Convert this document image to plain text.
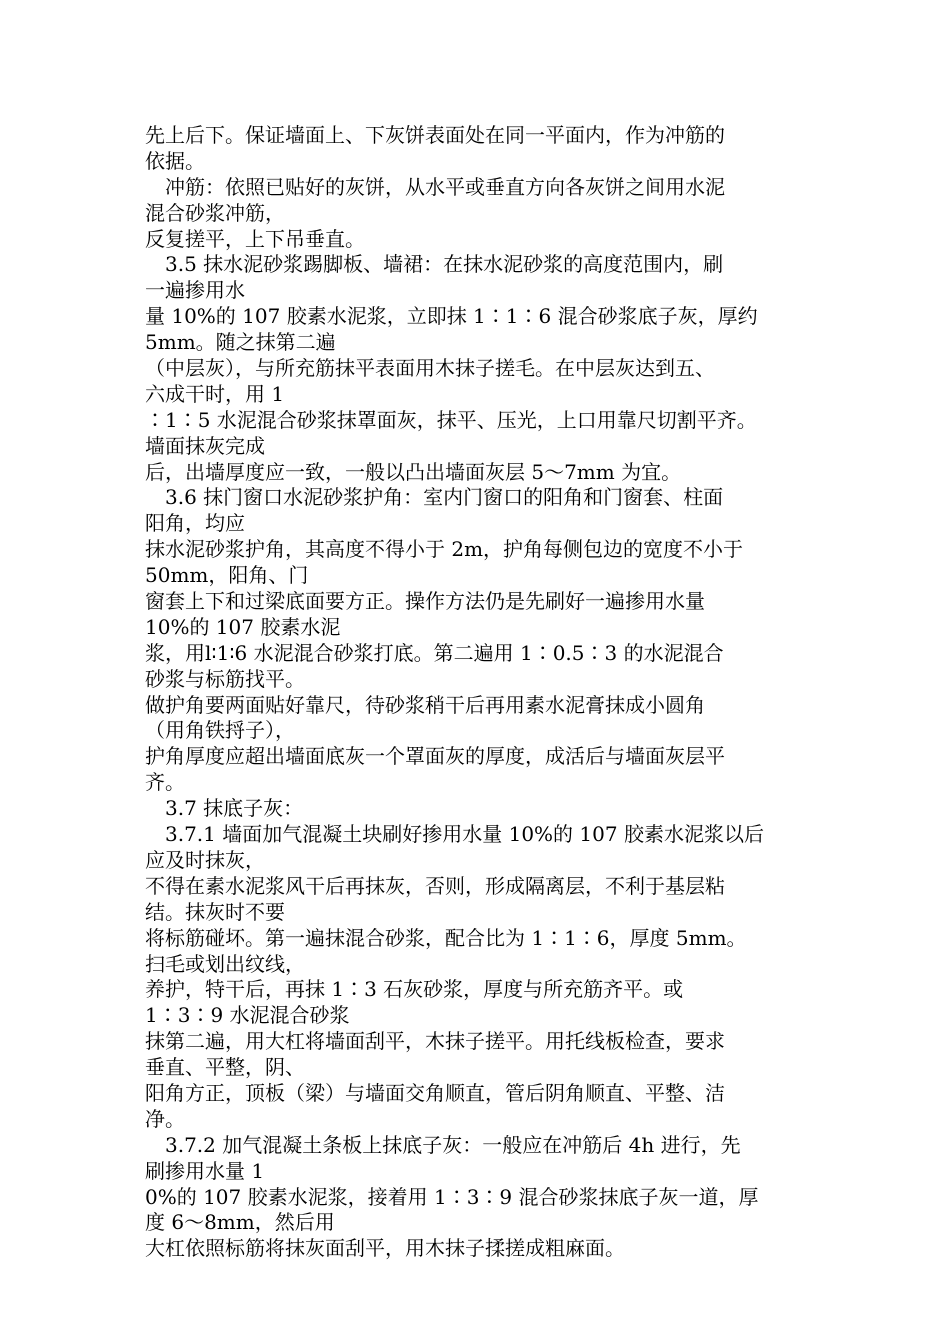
先上后下。保证墙面上、下灰饼表面处在同一平面内，作为冲筋的
依据。
　冲筋：依照已贴好的灰饼，从水平或垂直方向各灰饼之间用水泥
混合砂浆冲筋，
反复搓平，上下吊垂直。
　3.5 抹水泥砂浆踢脚板、墙裙：在抹水泥砂浆的高度范围内，刷
一遍掺用水
量 10%的 107 胶素水泥浆，立即抹 1∶1∶6 混合砂浆底子灰，厚约
5mm。随之抹第二遍
（中层灰），与所充筋抹平表面用木抹子搓毛。在中层灰达到五、
六成干时，用 1
∶1∶5 水泥混合砂浆抹罩面灰，抹平、压光，上口用靠尺切割平齐。
墙面抹灰完成
后，出墙厚度应一致，一般以凸出墙面灰层 5～7mm 为宜。
　3.6 抹门窗口水泥砂浆护角：室内门窗口的阳角和门窗套、柱面
阳角，均应
抹水泥砂浆护角，其高度不得小于 2m，护角每侧包边的宽度不小于
50mm，阳角、门
窗套上下和过梁底面要方正。操作方法仍是先刷好一遍掺用水量
10%的 107 胶素水泥
浆，用l∶1∶6 水泥混合砂浆打底。第二遍用 1∶0.5∶3 的水泥混合
砂浆与标筋找平。
做护角要两面贴好靠尺，待砂浆稍干后再用素水泥膏抹成小圆角
（用角铁捋子），
护角厚度应超出墙面底灰一个罩面灰的厚度，成活后与墙面灰层平
齐。
　3.7 抹底子灰：
　3.7.1 墙面加气混凝土块刷好掺用水量 10%的 107 胶素水泥浆以后
应及时抹灰，
不得在素水泥浆风干后再抹灰，否则，形成隔离层，不利于基层粘
结。抹灰时不要
将标筋碰坏。第一遍抹混合砂浆，配合比为 1∶1∶6，厚度 5mm。
扫毛或划出纹线，
养护，特干后，再抹 1∶3 石灰砂浆，厚度与所充筋齐平。或
1∶3∶9 水泥混合砂浆
抹第二遍，用大杠将墙面刮平，木抹子搓平。用托线板检查，要求
垂直、平整，阴、
阳角方正，顶板（梁）与墙面交角顺直，管后阴角顺直、平整、洁
净。
　3.7.2 加气混凝土条板上抹底子灰：一般应在冲筋后 4h 进行，先
刷掺用水量 1
0%的 107 胶素水泥浆，接着用 1∶3∶9 混合砂浆抹底子灰一道，厚
度 6～8mm，然后用
大杠依照标筋将抹灰面刮平，用木抹子揉搓成粗麻面。
